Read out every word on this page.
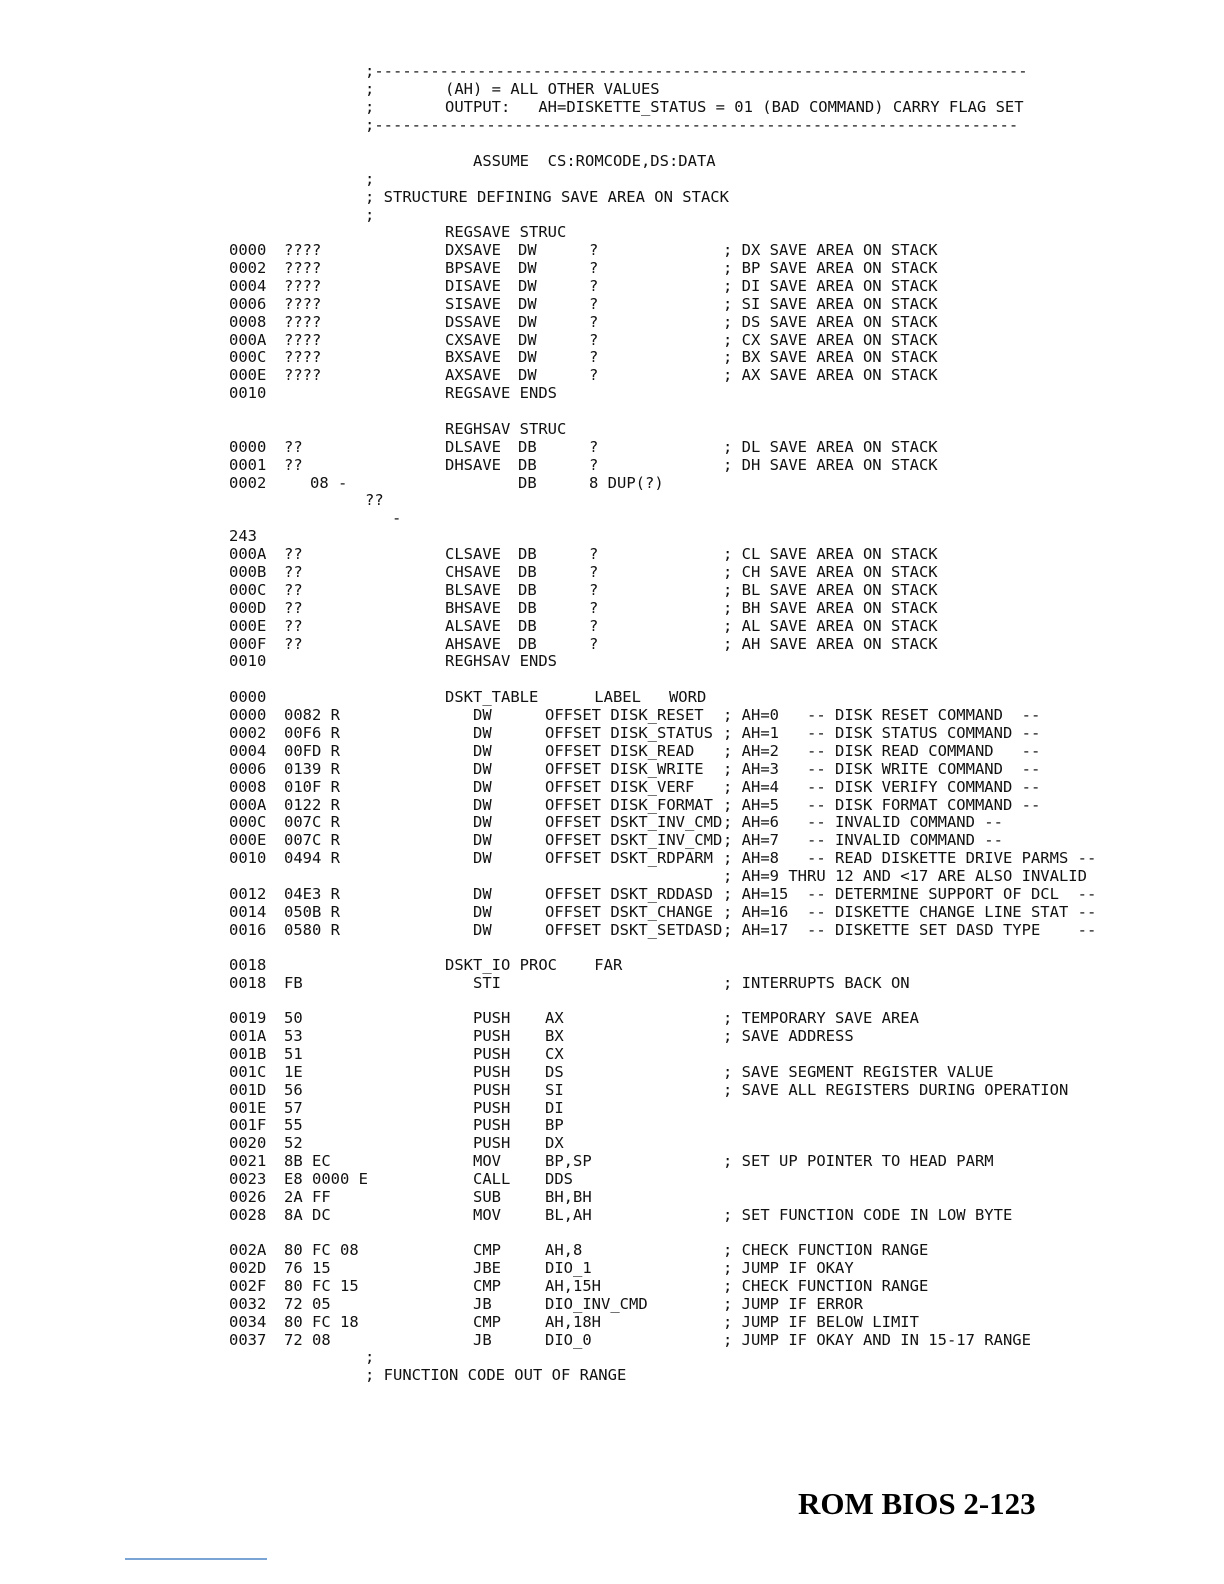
;----------------------------------------------------------------------
;	(AH) = ALL OTHER VALUES
;	OUTPUT:   AH=DISKETTE_STATUS = 01 (BAD COMMAND) CARRY FLAG SET
;---------------------------------------------------------------------
ASSUME  CS:ROMCODE,DS:DATA
;
; STRUCTURE DEFINING SAVE AREA ON STACK
;
REGSAVE STRUC
0000 ????	DXSAVE DW	?	; DX SAVE AREA ON STACK
0002 ????	BPSAVE DW	?	; BP SAVE AREA ON STACK
0004 ????	DISAVE DW	?	; DI SAVE AREA ON STACK
0006 ????	SISAVE DW	?	; SI SAVE AREA ON STACK
0008 ????	DSSAVE DW	?	; DS SAVE AREA ON STACK
000A ????	CXSAVE DW	?	; CX SAVE AREA ON STACK
000C ????	BXSAVE DW	?	; BX SAVE AREA ON STACK
000E ????	AXSAVE DW	?	; AX SAVE AREA ON STACK
0010	REGSAVE ENDS
REGHSAV STRUC
0000 ??	DLSAVE DB	?	; DL SAVE AREA ON STACK
0001 ??	DHSAVE DB	?	; DH SAVE AREA ON STACK
0002	08 -	DB	8 DUP(?)
??
-
243
000A ??	CLSAVE DB	?	; CL SAVE AREA ON STACK
000B ??	CHSAVE DB	?	; CH SAVE AREA ON STACK
000C ??	BLSAVE DB	?	; BL SAVE AREA ON STACK
000D ??	BHSAVE DB	?	; BH SAVE AREA ON STACK
000E ??	ALSAVE DB	?	; AL SAVE AREA ON STACK
000F ??	AHSAVE DB	?	; AH SAVE AREA ON STACK
0010	REGHSAV ENDS
0000	DSKT_TABLE      LABEL   WORD
0000 0082 R	DW	OFFSET DISK_RESET ; AH=0   -- DISK RESET COMMAND  --
0002 00F6 R	DW	OFFSET DISK_STATUS ; AH=1   -- DISK STATUS COMMAND --
0004 00FD R	DW	OFFSET DISK_READ ; AH=2   -- DISK READ COMMAND   --
0006 0139 R	DW	OFFSET DISK_WRITE ; AH=3   -- DISK WRITE COMMAND  --
0008 010F R	DW	OFFSET DISK_VERF ; AH=4   -- DISK VERIFY COMMAND --
000A 0122 R	DW	OFFSET DISK_FORMAT ; AH=5   -- DISK FORMAT COMMAND --
000C 007C R	DW	OFFSET DSKT_INV_CMD ; AH=6   -- INVALID COMMAND --
000E 007C R	DW	OFFSET DSKT_INV_CMD ; AH=7   -- INVALID COMMAND --
0010 0494 R	DW	OFFSET DSKT_RDPARM ; AH=8   -- READ DISKETTE DRIVE PARMS --
; AH=9 THRU 12 AND <17 ARE ALSO INVALID
0012 04E3 R	DW	OFFSET DSKT_RDDASD ; AH=15  -- DETERMINE SUPPORT OF DCL  --
0014 050B R	DW	OFFSET DSKT_CHANGE ; AH=16  -- DISKETTE CHANGE LINE STAT --
0016 0580 R	DW	OFFSET DSKT_SETDASD ; AH=17  -- DISKETTE SET DASD TYPE    --
0018	DSKT_IO PROC    FAR
0018 FB	STI	; INTERRUPTS BACK ON
0019 50	PUSH AX	; TEMPORARY SAVE AREA
001A 53	PUSH BX	; SAVE ADDRESS
001B 51	PUSH CX
001C 1E	PUSH DS	; SAVE SEGMENT REGISTER VALUE
001D 56	PUSH SI	; SAVE ALL REGISTERS DURING OPERATION
001E 57	PUSH DI
001F 55	PUSH BP
0020 52	PUSH DX
0021 8B EC	MOV	BP,SP	; SET UP POINTER TO HEAD PARM
0023 E8 0000 E	CALL DDS
0026 2A FF	SUB	BH,BH
0028 8A DC	MOV	BL,AH	; SET FUNCTION CODE IN LOW BYTE
002A 80 FC 08	CMP	AH,8	; CHECK FUNCTION RANGE
002D 76 15	JBE	DIO_1	; JUMP IF OKAY
002F 80 FC 15	CMP	AH,15H	; CHECK FUNCTION RANGE
0032 72 05	JB	DIO_INV_CMD	; JUMP IF ERROR
0034 80 FC 18	CMP	AH,18H	; JUMP IF BELOW LIMIT
0037 72 08	JB	DIO_0	; JUMP IF OKAY AND IN 15-17 RANGE
;
; FUNCTION CODE OUT OF RANGE
ROM BIOS 2-123
